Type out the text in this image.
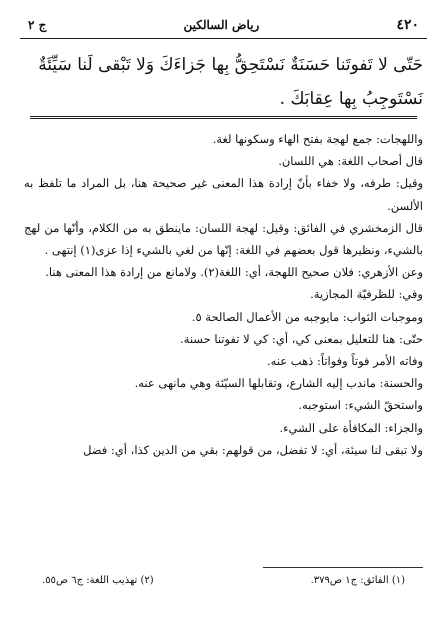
٤٢٠
رياض السالكين
ج ٢
حَتّى لا تَفوتَنا حَسَنَةٌ نَسْتَحِقُّ بِها جَزاءَكَ وَلا تَبْقى لَنا سَيِّئَةٌ
نَسْتَوجِبُ بِها عِقابَكَ .

واللهجات: جمع لهجة بفتح الهاء وسكونها لغة.

قال أصحاب اللغة: هي اللسان.

وقيل: طرفه، ولا خفاء بأنّ إرادة هذا المعنى غير صحيحة هنا، بل المراد ما تلفظ به الألسن.

قال الزمخشري في الفائق: وقيل: لهجة اللسان: ماينطق به من الكلام، وأنّها من لهج بالشيء، ونظيرها قول بعضهم في اللغة: إنّها من لغي بالشيء إذا عزى(١) إنتهى .

وعن الأزهري: فلان صحيح اللهجة، أي: اللغة(٢). ولامانع من إرادة هذا المعنى هنا.

وفي: للظرفيّة المجازية.

وموجبات الثواب: مايوجبه من الأعمال الصالحة ٥.

حتّى: هنا للتعليل بمعنى كي، أي: كي لا تفوتنا حسنة.

وفاته الأمر فوتاً وفواتاً: ذهب عنه.

والحسنة: ماندب إليه الشارع، وتقابلها السيّئة وهي مانهى عنه.

واستحقّ الشيء: استوجبه.

والجزاء: المكافأة على الشيء.

ولا تبقى لنا سيئة، أي: لا تفضل، من قولهم: بقي من الدين كذا، أي: فضل

(١) الفائق: ج١ ص٣٧٩.
(٢) تهذيب اللغة: ج٦ ص٥٥.
